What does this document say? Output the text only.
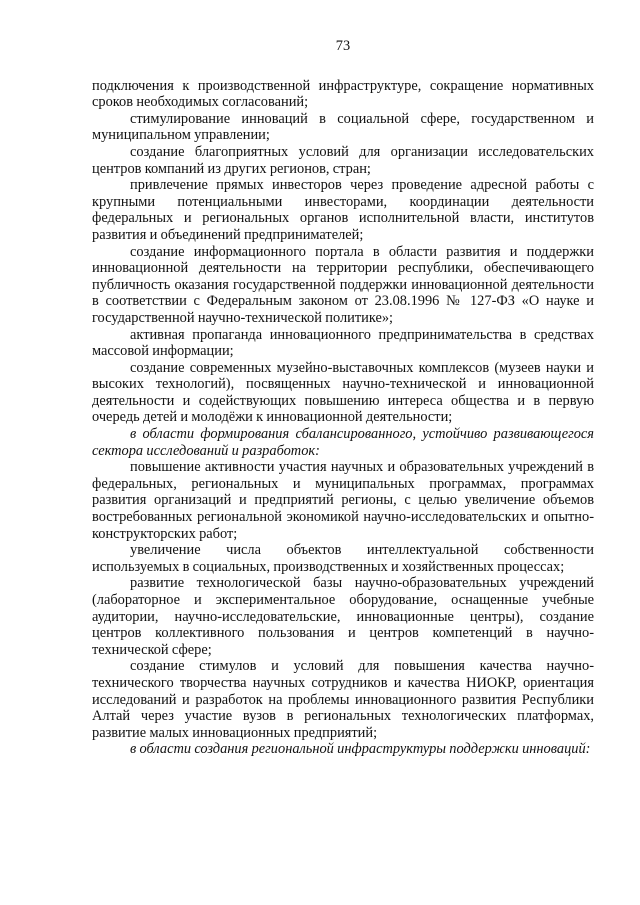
73

подключения к производственной инфраструктуре, сокращение нормативных сроков необходимых согласований;

стимулирование инноваций в социальной сфере, государственном и муниципальном управлении;

создание благоприятных условий для организации исследовательских центров компаний из других регионов, стран;

привлечение прямых инвесторов через проведение адресной работы с крупными потенциальными инвесторами, координации деятельности федеральных и региональных органов исполнительной власти, институтов развития и объединений предпринимателей;

создание информационного портала в области развития и поддержки инновационной деятельности на территории республики, обеспечивающего публичность оказания государственной поддержки инновационной деятельности в соответствии с Федеральным законом от 23.08.1996 № 127-ФЗ «О науке и государственной научно-технической политике»;

активная пропаганда инновационного предпринимательства в средствах массовой информации;

создание современных музейно-выставочных комплексов (музеев науки и высоких технологий), посвященных научно-технической и инновационной деятельности и содействующих повышению интереса общества и в первую очередь детей и молодёжи к инновационной деятельности;

в области формирования сбалансированного, устойчиво развивающегося сектора исследований и разработок:

повышение активности участия научных и образовательных учреждений в федеральных, региональных и муниципальных программах, программах развития организаций и предприятий регионы, с целью увеличение объемов востребованных региональной экономикой научно-исследовательских и опытно-конструкторских работ;

увеличение числа объектов интеллектуальной собственности используемых в социальных, производственных и хозяйственных процессах;

развитие технологической базы научно-образовательных учреждений (лабораторное и экспериментальное оборудование, оснащенные учебные аудитории, научно-исследовательские, инновационные центры), создание центров коллективного пользования и центров компетенций в научно-технической сфере;

создание стимулов и условий для повышения качества научно-технического творчества научных сотрудников и качества НИОКР, ориентация исследований и разработок на проблемы инновационного развития Республики Алтай через участие вузов в региональных технологических платформах, развитие малых инновационных предприятий;

в области создания региональной инфраструктуры поддержки инноваций:
